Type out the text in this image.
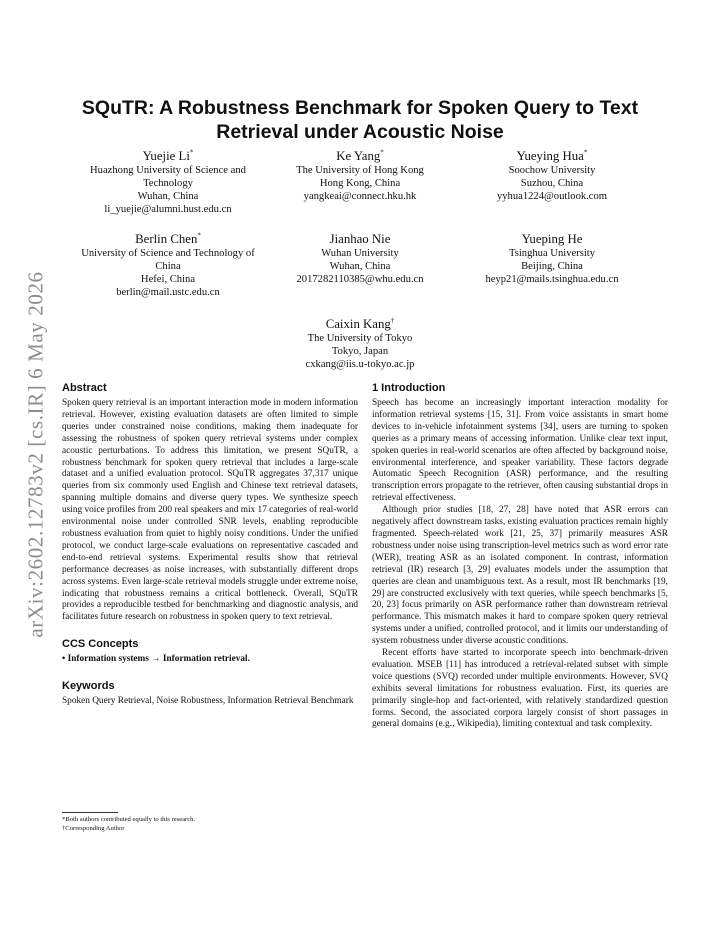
arXiv:2602.12783v2 [cs.IR] 6 May 2026
SQuTR: A Robustness Benchmark for Spoken Query to Text Retrieval under Acoustic Noise
Yuejie Li*
Huazhong University of Science and Technology
Wuhan, China
li_yuejie@alumni.hust.edu.cn
Ke Yang*
The University of Hong Kong
Hong Kong, China
yangkeai@connect.hku.hk
Yueying Hua*
Soochow University
Suzhou, China
yyhua1224@outlook.com
Berlin Chen*
University of Science and Technology of China
Hefei, China
berlin@mail.ustc.edu.cn
Jianhao Nie
Wuhan University
Wuhan, China
2017282110385@whu.edu.cn
Yueping He
Tsinghua University
Beijing, China
heyp21@mails.tsinghua.edu.cn
Caixin Kang†
The University of Tokyo
Tokyo, Japan
cxkang@iis.u-tokyo.ac.jp
Abstract

Spoken query retrieval is an important interaction mode in modern information retrieval. However, existing evaluation datasets are often limited to simple queries under constrained noise conditions, making them inadequate for assessing the robustness of spoken query retrieval systems under complex acoustic perturbations. To address this limitation, we present SQuTR, a robustness benchmark for spoken query retrieval that includes a large-scale dataset and a unified evaluation protocol. SQuTR aggregates 37,317 unique queries from six commonly used English and Chinese text retrieval datasets, spanning multiple domains and diverse query types. We synthesize speech using voice profiles from 200 real speakers and mix 17 categories of real-world environmental noise under controlled SNR levels, enabling reproducible robustness evaluation from quiet to highly noisy conditions. Under the unified protocol, we conduct large-scale evaluations on representative cascaded and end-to-end retrieval systems. Experimental results show that retrieval performance decreases as noise increases, with substantially different drops across systems. Even large-scale retrieval models struggle under extreme noise, indicating that robustness remains a critical bottleneck. Overall, SQuTR provides a reproducible testbed for benchmarking and diagnostic analysis, and facilitates future research on robustness in spoken query to text retrieval.

CCS Concepts

• Information systems → Information retrieval.

Keywords

Spoken Query Retrieval, Noise Robustness, Information Retrieval Benchmark

*Both authors contributed equally to this research.
†Corresponding Author
1 Introduction

Speech has become an increasingly important interaction modality for information retrieval systems [15, 31]. From voice assistants in smart home devices to in-vehicle infotainment systems [34], users are turning to spoken queries as a primary means of accessing information. Unlike clear text input, spoken queries in real-world scenarios are often affected by background noise, environmental interference, and speaker variability. These factors degrade Automatic Speech Recognition (ASR) performance, and the resulting transcription errors propagate to the retriever, often causing substantial drops in retrieval effectiveness.

Although prior studies [18, 27, 28] have noted that ASR errors can negatively affect downstream tasks, existing evaluation practices remain highly fragmented. Speech-related work [21, 25, 37] primarily measures ASR robustness under noise using transcription-level metrics such as word error rate (WER), treating ASR as an isolated component. In contrast, information retrieval (IR) research [3, 29] evaluates models under the assumption that queries are clean and unambiguous text. As a result, most IR benchmarks [19, 29] are constructed exclusively with text queries, while speech benchmarks [5, 20, 23] focus primarily on ASR performance rather than downstream retrieval performance. This mismatch makes it hard to compare spoken query retrieval systems under a unified, controlled protocol, and it limits our understanding of system robustness under diverse acoustic conditions.

Recent efforts have started to incorporate speech into benchmark-driven evaluation. MSEB [11] has introduced a retrieval-related subset with simple voice questions (SVQ) recorded under multiple environments. However, SVQ exhibits several limitations for robustness evaluation. First, its queries are primarily single-hop and fact-oriented, with relatively standardized question forms. Second, the associated corpora largely consist of short passages in general domains (e.g., Wikipedia), limiting contextual and task complexity.
